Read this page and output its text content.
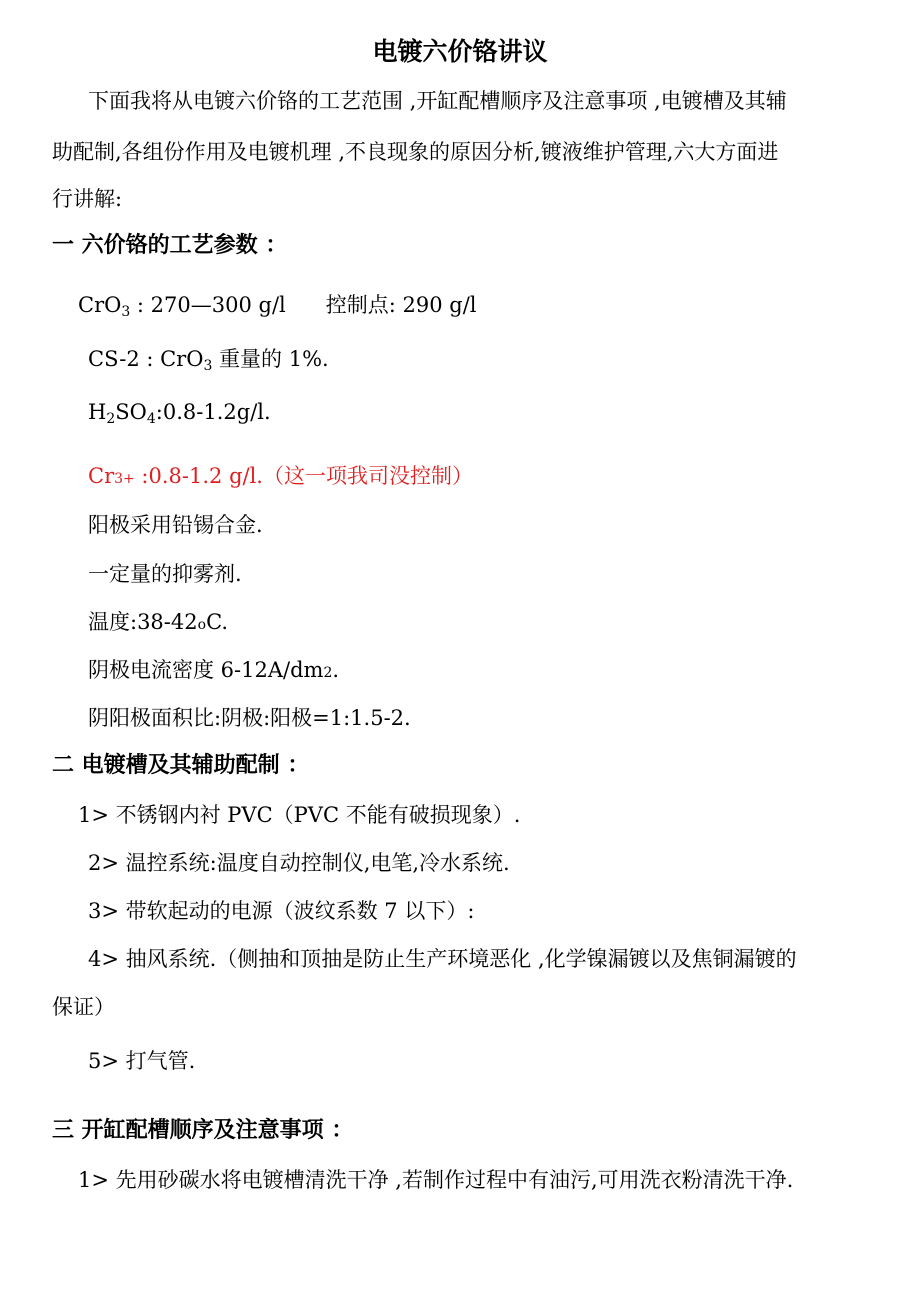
电镀六价铬讲议
下面我将从电镀六价铬的工艺范围 ,开缸配槽顺序及注意事项 ,电镀槽及其辅
助配制,各组份作用及电镀机理 ,不良现象的原因分析,镀液维护管理,六大方面进
行讲解:
一 六价铬的工艺参数 ：
CrO$_3$ : 270—300 g/l 控制点: 290 g/l
CS-2 : CrO$_3$ 重量的 1%.
$H_2SO_4:0.8-1.2g/l$.
Cr3+ :0.8-1.2 g/l.（这一项我司没控制）
阳极采用铅锡合金.
一定量的抑雾剂.
温度:38-42oC.
阴极电流密度 6-12A/dm2.
阴阳极面积比:阴极:阳极=1:1.5-2.
二 电镀槽及其辅助配制 ：
1> 不锈钢内衬 PVC（PVC 不能有破损现象）.
2> 温控系统:温度自动控制仪,电笔,冷水系统.
3> 带软起动的电源（波纹系数 7 以下）:
4> 抽风系统.（侧抽和顶抽是防止生产环境恶化 ,化学镍漏镀以及焦铜漏镀的
保证）
5> 打气管.
三 开缸配槽顺序及注意事项 ：
1> 先用砂碳水将电镀槽清洗干净 ,若制作过程中有油污,可用洗衣粉清洗干净.
